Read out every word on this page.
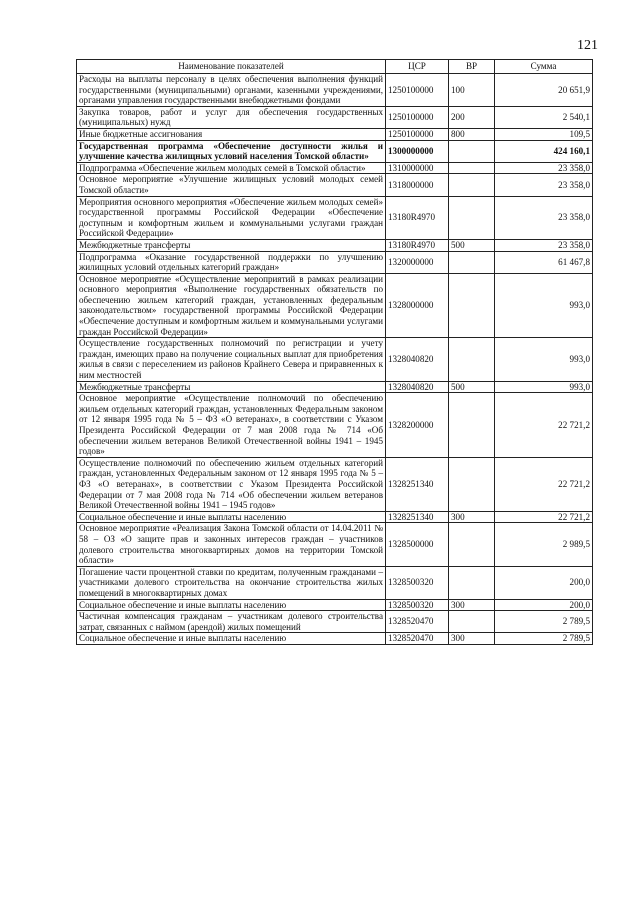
121
Наименование показателей	ЦСР	ВР	Сумма
Расходы на выплаты персоналу в целях обеспечения выполнения функций государственными (муниципальными) органами, казенными учреждениями, органами управления государственными внебюджетными фондами	1250100000	100	20 651,9
Закупка товаров, работ и услуг для обеспечения государственных (муниципальных) нужд	1250100000	200	2 540,1
Иные бюджетные ассигнования	1250100000	800	109,5
Государственная программа «Обеспечение доступности жилья и улучшение качества жилищных условий населения Томской области»	1300000000		424 160,1
Подпрограмма «Обеспечение жильем молодых семей в Томской области»	1310000000		23 358,0
Основное мероприятие «Улучшение жилищных условий молодых семей Томской области»	1318000000		23 358,0
Мероприятия основного мероприятия «Обеспечение жильем молодых семей» государственной программы Российской Федерации «Обеспечение доступным и комфортным жильем и коммунальными услугами граждан Российской Федерации»	13180R4970		23 358,0
Межбюджетные трансферты	13180R4970	500	23 358,0
Подпрограмма «Оказание государственной поддержки по улучшению жилищных условий отдельных категорий граждан»	1320000000		61 467,8
Основное мероприятие «Осуществление мероприятий в рамках реализации основного мероприятия «Выполнение государственных обязательств по обеспечению жильем категорий граждан, установленных федеральным законодательством» государственной программы Российской Федерации «Обеспечение доступным и комфортным жильем и коммунальными услугами граждан Российской Федерации»	1328000000		993,0
Осуществление государственных полномочий по регистрации и учету граждан, имеющих право на получение социальных выплат для приобретения жилья в связи с переселением из районов Крайнего Севера и приравненных к ним местностей	1328040820		993,0
Межбюджетные трансферты	1328040820	500	993,0
Основное мероприятие «Осуществление полномочий по обеспечению жильем отдельных категорий граждан, установленных Федеральным законом от 12 января 1995 года № 5 – ФЗ «О ветеранах», в соответствии с Указом Президента Российской Федерации от 7 мая 2008 года № 714 «Об обеспечении жильем ветеранов Великой Отечественной войны 1941 – 1945 годов»	1328200000		22 721,2
Осуществление полномочий по обеспечению жильем отдельных категорий граждан, установленных Федеральным законом от 12 января 1995 года № 5 – ФЗ «О ветеранах», в соответствии с Указом Президента Российской Федерации от 7 мая 2008 года № 714 «Об обеспечении жильем ветеранов Великой Отечественной войны 1941 – 1945 годов»	1328251340		22 721,2
Социальное обеспечение и иные выплаты населению	1328251340	300	22 721,2
Основное мероприятие «Реализация Закона Томской области от 14.04.2011 № 58 – ОЗ «О защите прав и законных интересов граждан – участников долевого строительства многоквартирных домов на территории Томской области»	1328500000		2 989,5
Погашение части процентной ставки по кредитам, полученным гражданами – участниками долевого строительства на окончание строительства жилых помещений в многоквартирных домах	1328500320		200,0
Социальное обеспечение и иные выплаты населению	1328500320	300	200,0
Частичная компенсация гражданам – участникам долевого строительства затрат, связанных с наймом (арендой) жилых помещений	1328520470		2 789,5
Социальное обеспечение и иные выплаты населению	1328520470	300	2 789,5
